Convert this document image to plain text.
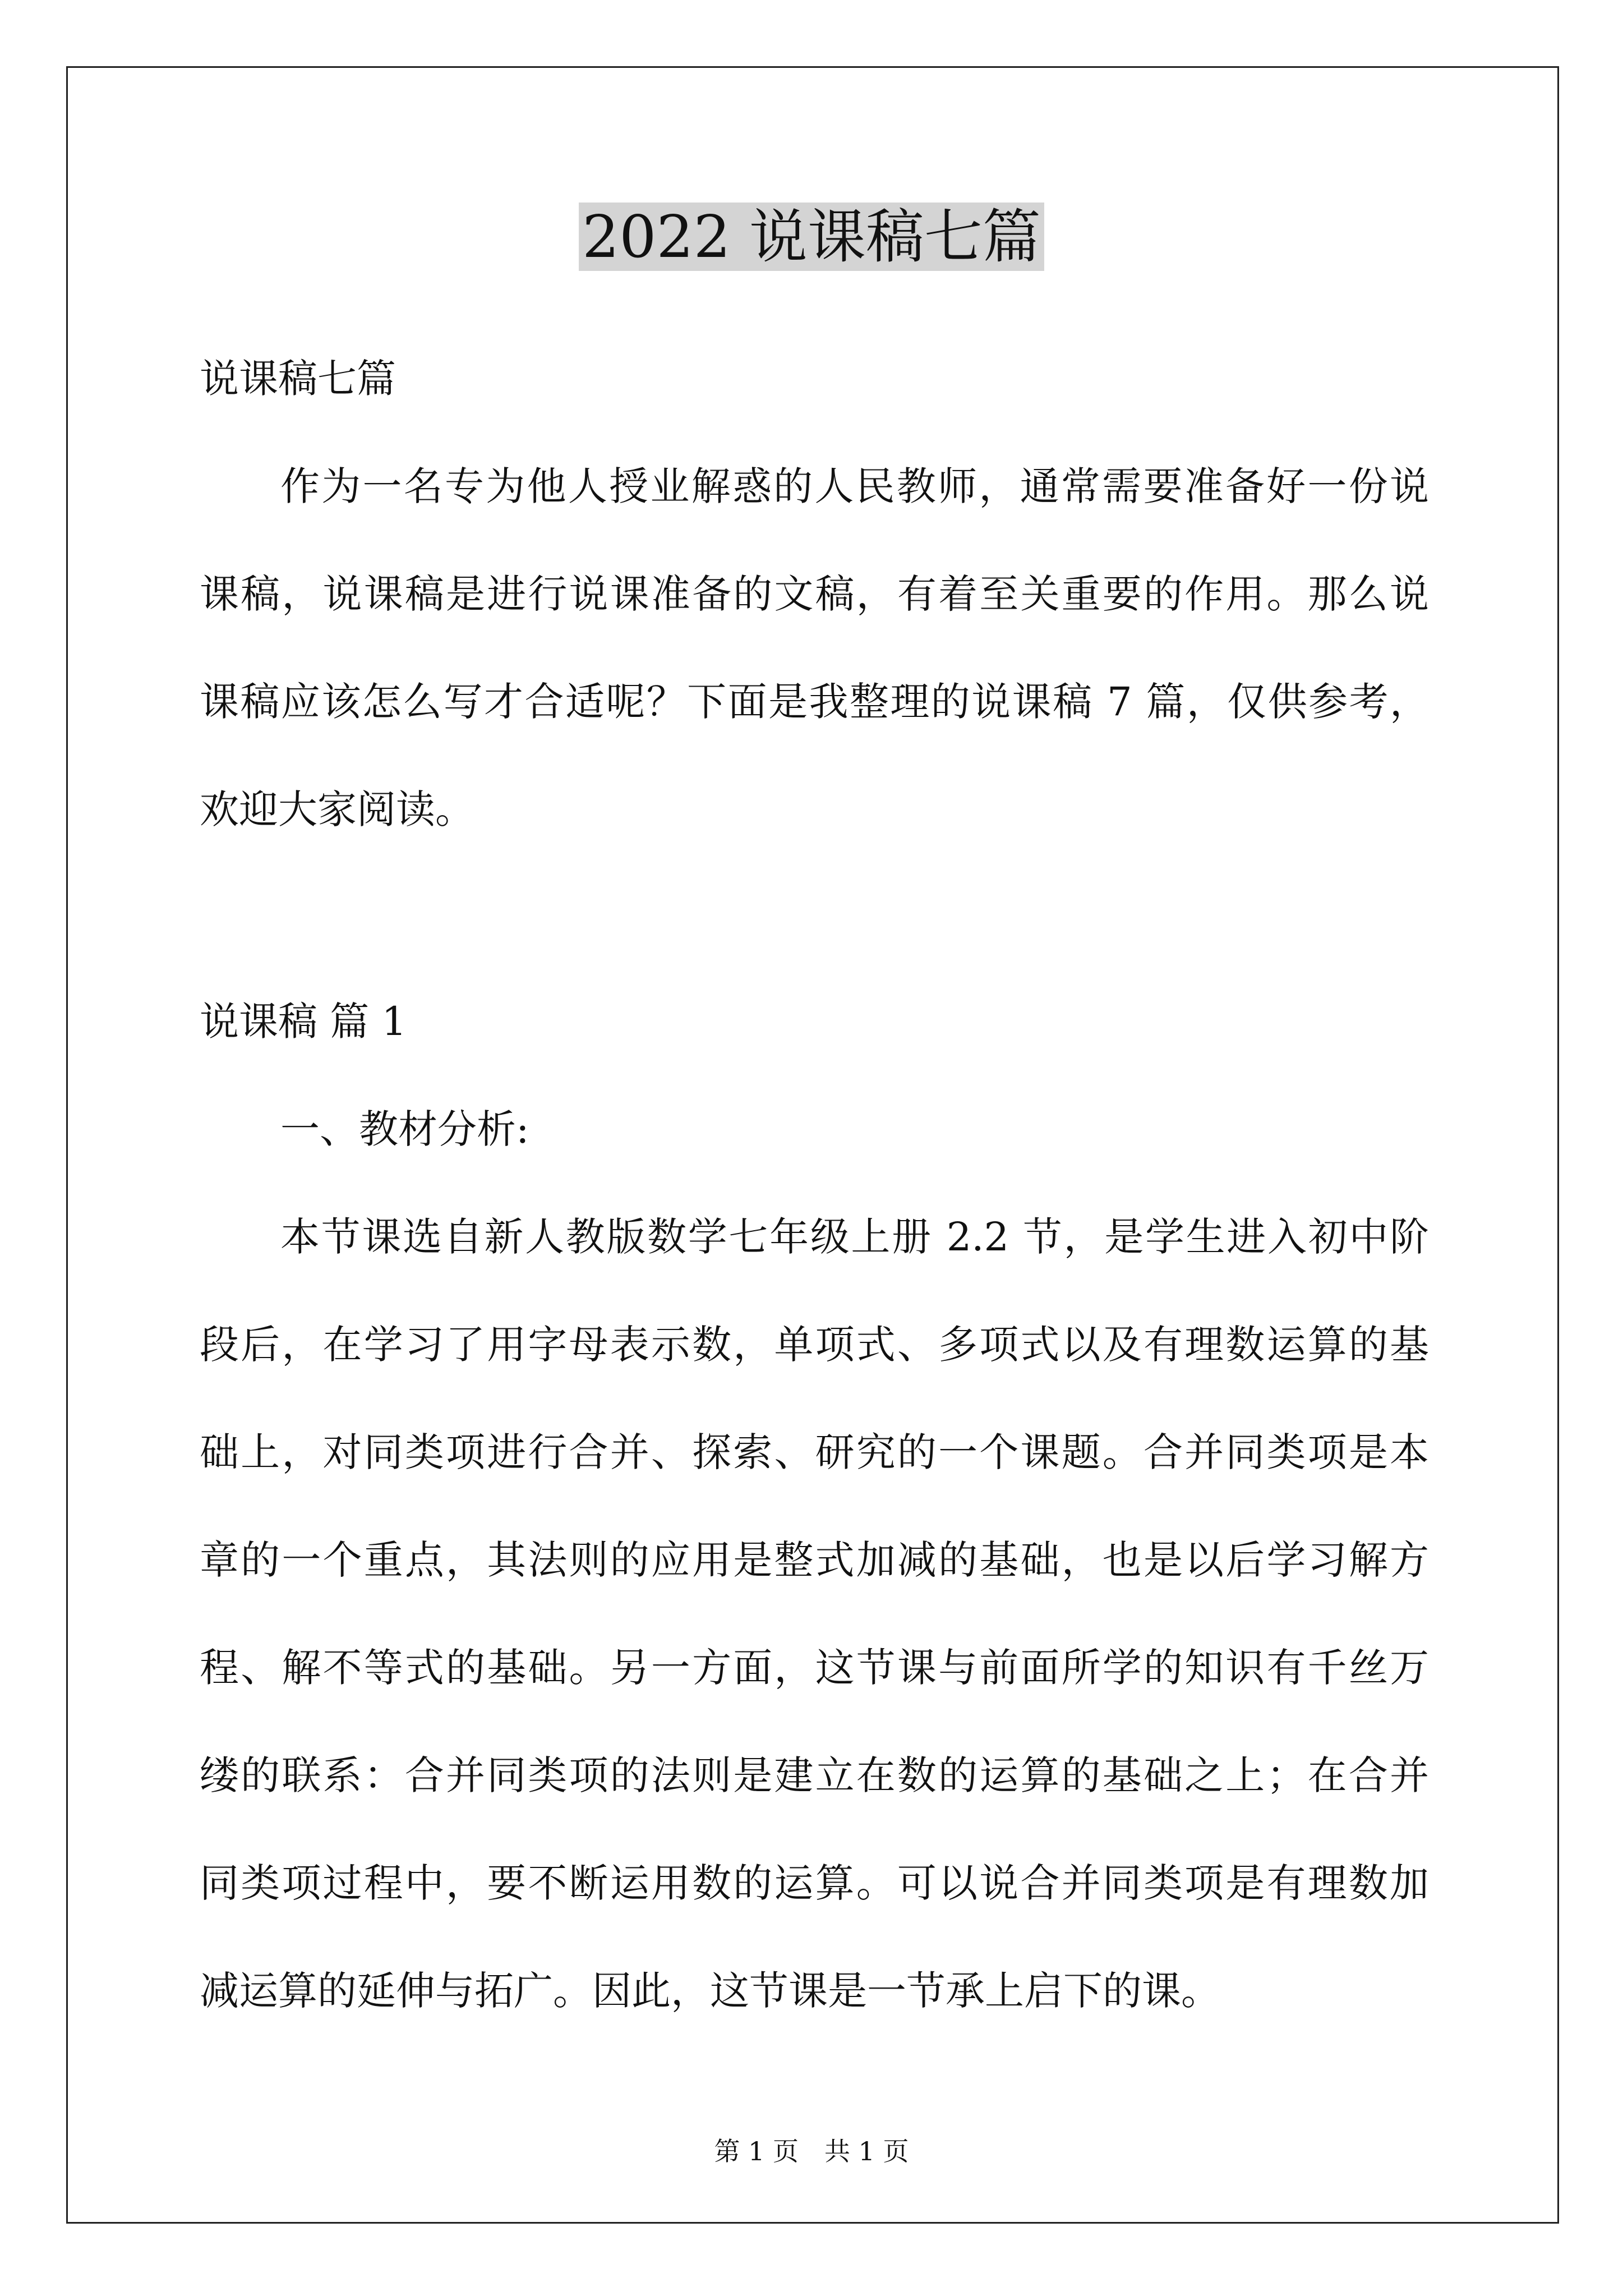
2022 说课稿七篇
说课稿七篇
作为一名专为他人授业解惑的人民教师，通常需要准备好一份说
课稿，说课稿是进行说课准备的文稿，有着至关重要的作用。那么说
课稿应该怎么写才合适呢？下面是我整理的说课稿 7 篇，仅供参考，
欢迎大家阅读。
说课稿 篇 1
一、教材分析:
本节课选自新人教版数学七年级上册 2.2 节，是学生进入初中阶
段后，在学习了用字母表示数，单项式、多项式以及有理数运算的基
础上，对同类项进行合并、探索、研究的一个课题。合并同类项是本
章的一个重点，其法则的应用是整式加减的基础，也是以后学习解方
程、解不等式的基础。另一方面，这节课与前面所学的知识有千丝万
缕的联系：合并同类项的法则是建立在数的运算的基础之上；在合并
同类项过程中，要不断运用数的运算。可以说合并同类项是有理数加
减运算的延伸与拓广。因此，这节课是一节承上启下的课。
第 1 页 共 1 页
